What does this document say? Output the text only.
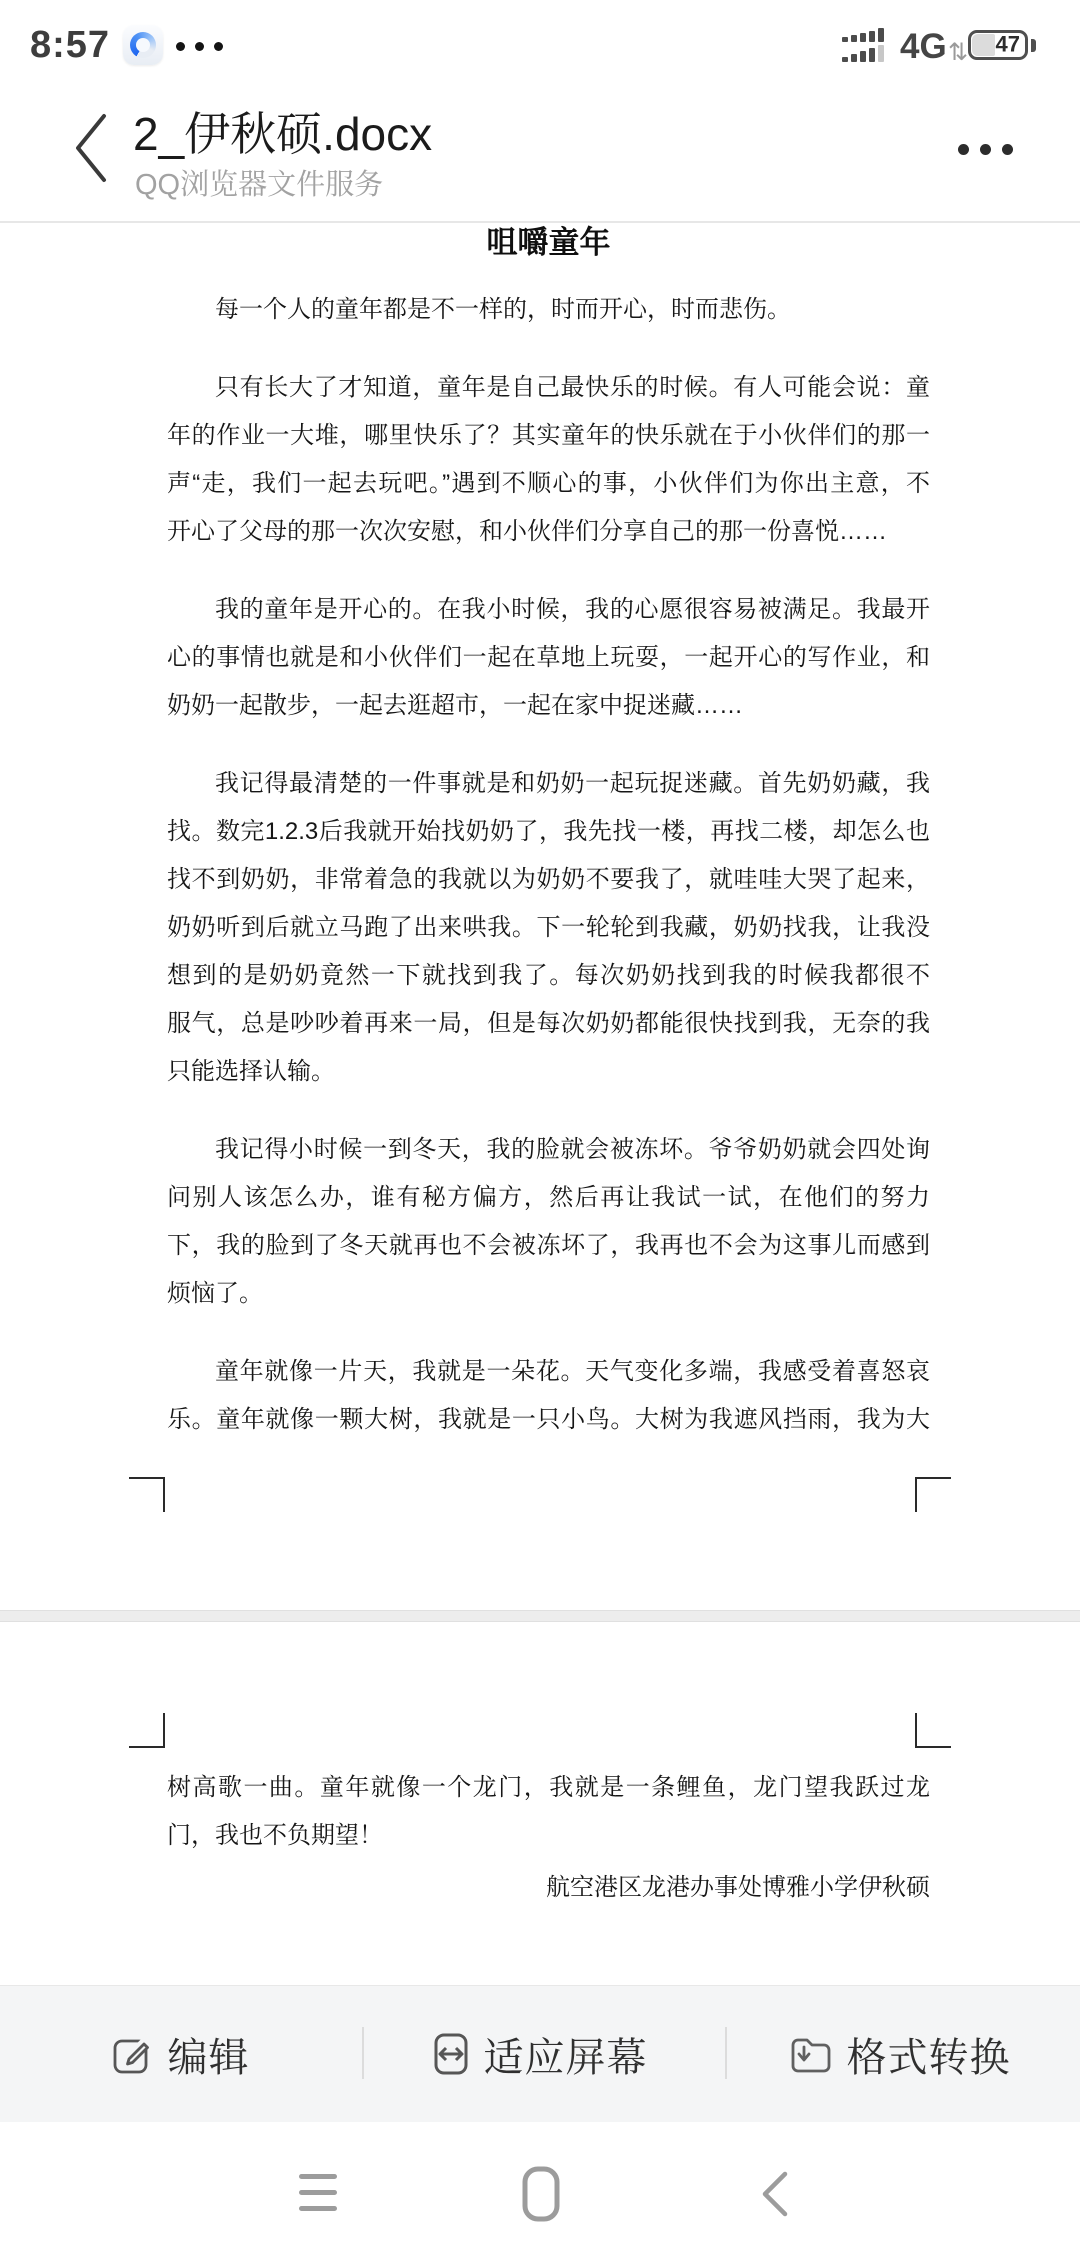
8:57	4G ⇅ 47
2_伊秋硕.docx
QQ浏览器文件服务
咀嚼童年
每一个人的童年都是不一样的，时而开心，时而悲伤。
只有长大了才知道，童年是自己最快乐的时候。有人可能会说：童
年的作业一大堆，哪里快乐了？其实童年的快乐就在于小伙伴们的那一
声“走，我们一起去玩吧。”遇到不顺心的事，小伙伴们为你出主意，不
开心了父母的那一次次安慰，和小伙伴们分享自己的那一份喜悦……
我的童年是开心的。在我小时候，我的心愿很容易被满足。我最开
心的事情也就是和小伙伴们一起在草地上玩耍，一起开心的写作业，和
奶奶一起散步，一起去逛超市，一起在家中捉迷藏……
我记得最清楚的一件事就是和奶奶一起玩捉迷藏。首先奶奶藏，我
找。数完1.2.3后我就开始找奶奶了，我先找一楼，再找二楼，却怎么也
找不到奶奶，非常着急的我就以为奶奶不要我了，就哇哇大哭了起来，
奶奶听到后就立马跑了出来哄我。下一轮轮到我藏，奶奶找我，让我没
想到的是奶奶竟然一下就找到我了。每次奶奶找到我的时候我都很不
服气，总是吵吵着再来一局，但是每次奶奶都能很快找到我，无奈的我
只能选择认输。
我记得小时候一到冬天，我的脸就会被冻坏。爷爷奶奶就会四处询
问别人该怎么办，谁有秘方偏方，然后再让我试一试，在他们的努力
下，我的脸到了冬天就再也不会被冻坏了，我再也不会为这事儿而感到
烦恼了。
童年就像一片天，我就是一朵花。天气变化多端，我感受着喜怒哀
乐。童年就像一颗大树，我就是一只小鸟。大树为我遮风挡雨，我为大
树高歌一曲。童年就像一个龙门，我就是一条鲤鱼，龙门望我跃过龙
门，我也不负期望！
航空港区龙港办事处博雅小学伊秋硕
编辑	适应屏幕	格式转换
